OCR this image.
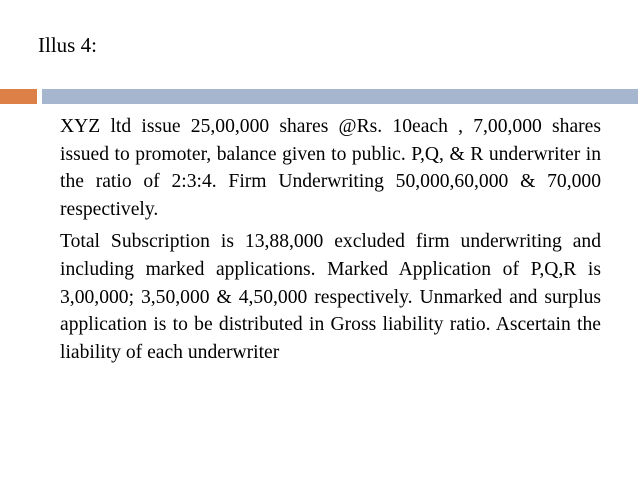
Illus 4:

XYZ ltd issue 25,00,000 shares @Rs. 10each , 7,00,000 shares issued to promoter, balance given to public. P,Q, & R underwriter in the ratio of 2:3:4. Firm Underwriting 50,000,60,000 & 70,000 respectively.

Total Subscription is 13,88,000 excluded firm underwriting and including marked applications. Marked Application of P,Q,R is 3,00,000; 3,50,000 & 4,50,000 respectively. Unmarked and surplus application is to be distributed in Gross liability ratio. Ascertain the liability of each underwriter
